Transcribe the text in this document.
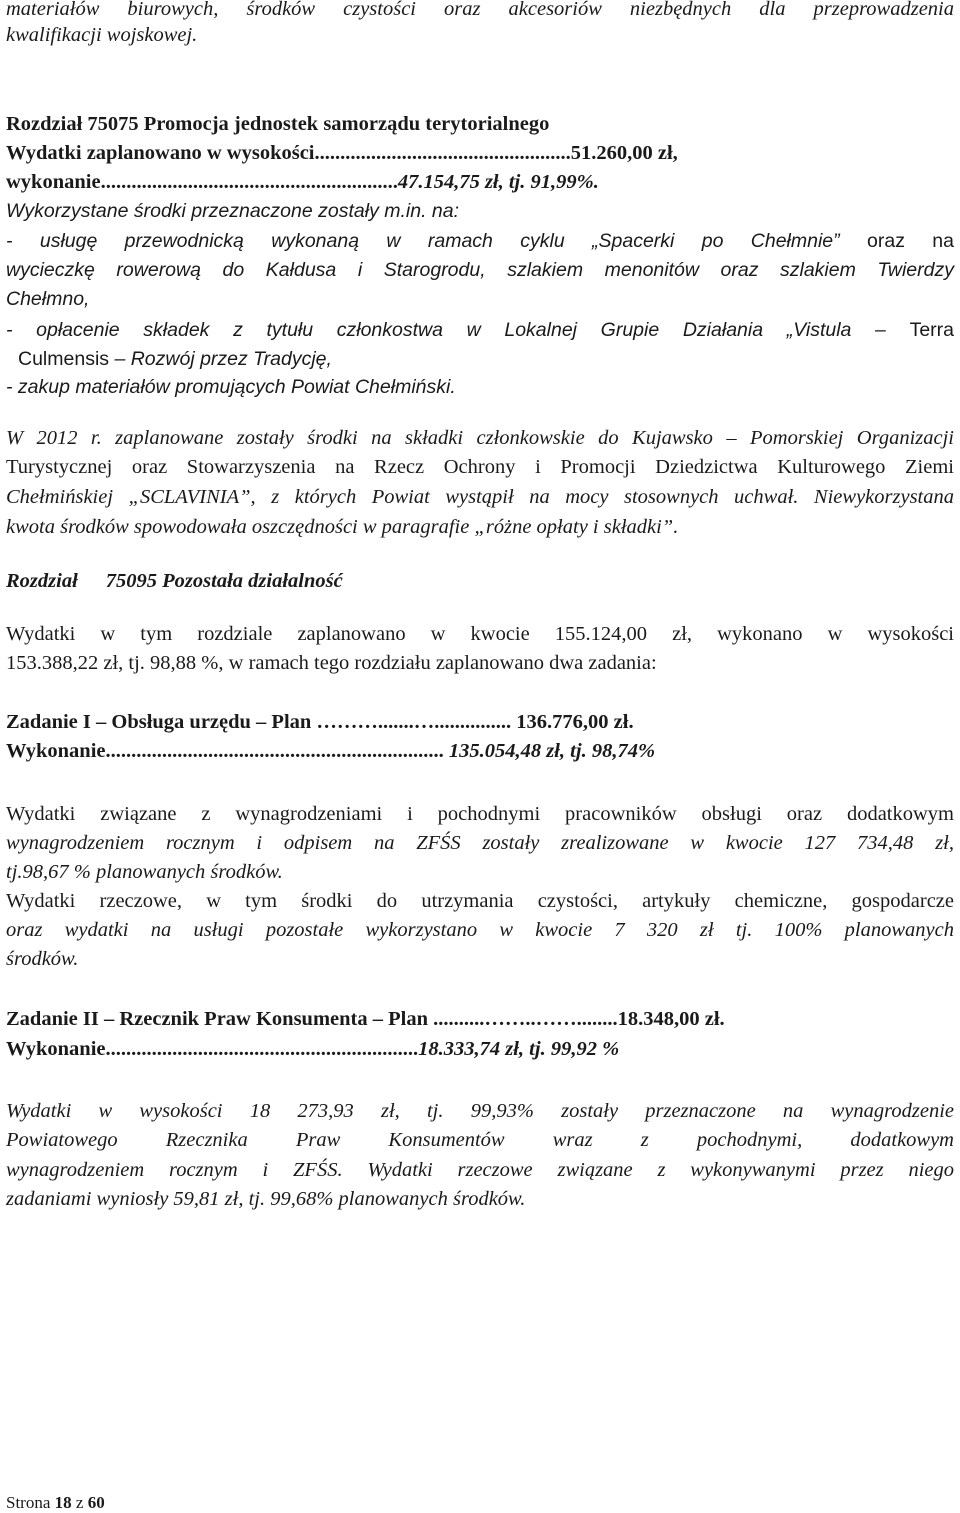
materiałów biurowych, środków czystości oraz akcesoriów niezbędnych dla przeprowadzenia
kwalifikacji wojskowej.
Rozdział 75075 Promocja jednostek samorządu terytorialnego
Wydatki zaplanowano w wysokości..................................................51.260,00 zł,
wykonanie..........................................................47.154,75 zł, tj. 91,99%.
Wykorzystane środki przeznaczone zostały m.in. na:
- usługę przewodnicką wykonaną w ramach cyklu „Spacerki po Chełmnie” oraz na
wycieczkę rowerową do Kałdusa i Starogrodu, szlakiem menonitów oraz szlakiem Twierdzy
Chełmno,
- opłacenie składek z tytułu członkostwa w Lokalnej Grupie Działania „Vistula – Terra
Culmensis – Rozwój przez Tradycję,
- zakup materiałów promujących Powiat Chełmiński.
W 2012 r. zaplanowane zostały środki na składki członkowskie do Kujawsko – Pomorskiej Organizacji
Turystycznej oraz Stowarzyszenia na Rzecz Ochrony i Promocji Dziedzictwa Kulturowego Ziemi
Chełmińskiej „SCLAVINIA”, z których Powiat wystąpił na mocy stosownych uchwał. Niewykorzystana
kwota środków spowodowała oszczędności w paragrafie „różne opłaty i składki”.
Rozdział 75095 Pozostała działalność
Wydatki w tym rozdziale zaplanowano w kwocie 155.124,00 zł, wykonano w wysokości
153.388,22 zł, tj. 98,88 %, w ramach tego rozdziału zaplanowano dwa zadania:
Zadanie I – Obsługa urzędu – Plan ……….......…............... 136.776,00 zł.
Wykonanie.................................................................. 135.054,48 zł, tj. 98,74%
Wydatki związane z wynagrodzeniami i pochodnymi pracowników obsługi oraz dodatkowym
wynagrodzeniem rocznym i odpisem na ZFŚS zostały zrealizowane w kwocie 127 734,48 zł,
tj.98,67 % planowanych środków.
Wydatki rzeczowe, w tym środki do utrzymania czystości, artykuły chemiczne, gospodarcze
oraz wydatki na usługi pozostałe wykorzystano w kwocie 7 320 zł tj. 100% planowanych
środków.
Zadanie II – Rzecznik Praw Konsumenta – Plan ..........……..……........18.348,00 zł.
Wykonanie.............................................................18.333,74 zł, tj. 99,92 %
Wydatki w wysokości 18 273,93 zł, tj. 99,93% zostały przeznaczone na wynagrodzenie
Powiatowego Rzecznika Praw Konsumentów wraz z pochodnymi, dodatkowym
wynagrodzeniem rocznym i ZFŚS. Wydatki rzeczowe związane z wykonywanymi przez niego
zadaniami wyniosły 59,81 zł, tj. 99,68% planowanych środków.
Strona 18 z 60
